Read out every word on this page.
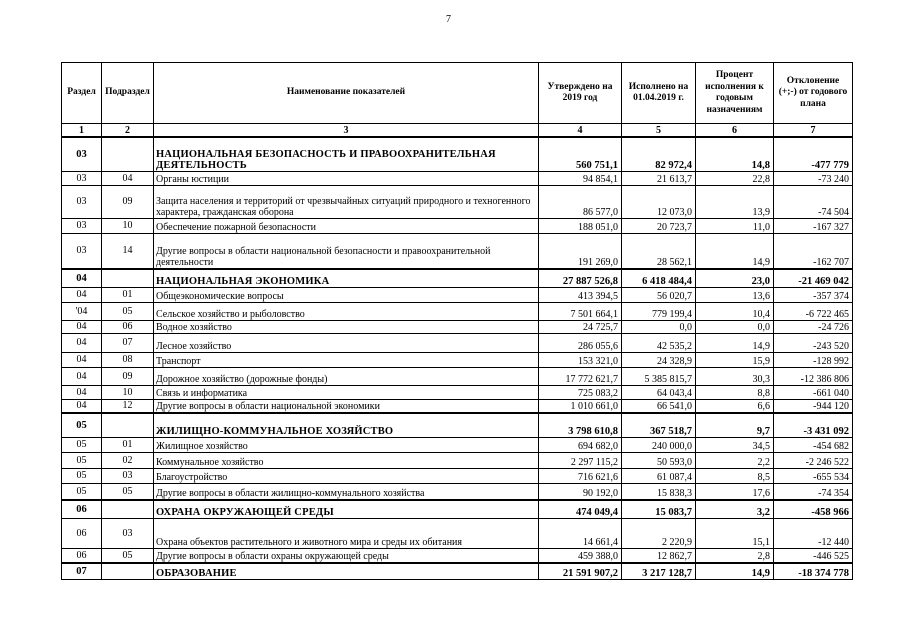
7
Раздел	Подраздел	Наименование показателей	Утверждено на 2019 год	Исполнено на 01.04.2019 г.	Процент исполнения к годовым назначениям	Отклонение (+;-) от годового плана
1	2	3	4	5	6	7
03		НАЦИОНАЛЬНАЯ БЕЗОПАСНОСТЬ И ПРАВООХРАНИТЕЛЬНАЯ ДЕЯТЕЛЬНОСТЬ	560 751,1	82 972,4	14,8	-477 779
03	04	Органы юстиции	94 854,1	21 613,7	22,8	-73 240
03	09	Защита населения и территорий от чрезвычайных ситуаций природного и техногенного характера, гражданская оборона	86 577,0	12 073,0	13,9	-74 504
03	10	Обеспечение пожарной безопасности	188 051,0	20 723,7	11,0	-167 327
03	14	Другие вопросы в области национальной безопасности и правоохранительной деятельности	191 269,0	28 562,1	14,9	-162 707
04		НАЦИОНАЛЬНАЯ ЭКОНОМИКА	27 887 526,8	6 418 484,4	23,0	-21 469 042
04	01	Общеэкономические вопросы	413 394,5	56 020,7	13,6	-357 374
'04	05	Сельское хозяйство и рыболовство	7 501 664,1	779 199,4	10,4	-6 722 465
04	06	Водное хозяйство	24 725,7	0,0	0,0	-24 726
04	07	Лесное хозяйство	286 055,6	42 535,2	14,9	-243 520
04	08	Транспорт	153 321,0	24 328,9	15,9	-128 992
04	09	Дорожное хозяйство (дорожные фонды)	17 772 621,7	5 385 815,7	30,3	-12 386 806
04	10	Связь и информатика	725 083,2	64 043,4	8,8	-661 040
04	12	Другие вопросы в области национальной экономики	1 010 661,0	66 541,0	6,6	-944 120
05		ЖИЛИЩНО-КОММУНАЛЬНОЕ ХОЗЯЙСТВО	3 798 610,8	367 518,7	9,7	-3 431 092
05	01	Жилищное хозяйство	694 682,0	240 000,0	34,5	-454 682
05	02	Коммунальное хозяйство	2 297 115,2	50 593,0	2,2	-2 246 522
05	03	Благоустройство	716 621,6	61 087,4	8,5	-655 534
05	05	Другие вопросы в области жилищно-коммунального хозяйства	90 192,0	15 838,3	17,6	-74 354
06		ОХРАНА ОКРУЖАЮЩЕЙ СРЕДЫ	474 049,4	15 083,7	3,2	-458 966
06	03	Охрана объектов растительного и животного мира и среды их обитания	14 661,4	2 220,9	15,1	-12 440
06	05	Другие вопросы в области охраны окружающей среды	459 388,0	12 862,7	2,8	-446 525
07		ОБРАЗОВАНИЕ	21 591 907,2	3 217 128,7	14,9	-18 374 778
